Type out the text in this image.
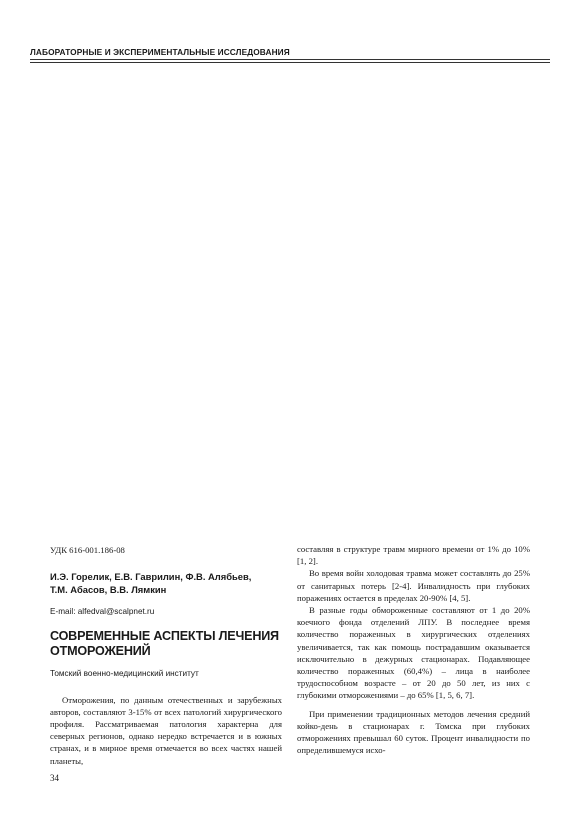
ЛАБОРАТОРНЫЕ И ЭКСПЕРИМЕНТАЛЬНЫЕ ИССЛЕДОВАНИЯ
УДК 616-001.186-08
И.Э. Горелик, Е.В. Гаврилин, Ф.В. Алябьев,
Т.М. Абасов, В.В. Лямкин
E-mail: alfedval@scalpnet.ru
СОВРЕМЕННЫЕ АСПЕКТЫ ЛЕЧЕНИЯ
ОТМОРОЖЕНИЙ
Томский военно-медицинский институт

Отморожения, по данным отечественных и зарубежных авторов, составляют 3-15% от всех патологий хирургического профиля. Рассматриваемая патология характерна для северных регионов, однако нередко встречается и в южных странах, и в мирное время отмечается во всех частях нашей планеты,

составляя в структуре травм мирного времени от 1% до 10% [1, 2].

Во время войн холодовая травма может составлять до 25% от санитарных потерь [2-4]. Инвалидность при глубоких поражениях остается в пределах 20-90% [4, 5].

В разные годы обмороженные составляют от 1 до 20% коечного фонда отделений ЛПУ. В последнее время количество пораженных в хирургических отделениях увеличивается, так как помощь пострадавшим оказывается исключительно в дежурных стационарах. Подавляющее количество пораженных (60,4%) – лица в наиболее трудоспособном возрасте – от 20 до 50 лет, из них с глубокими отморожениями – до 65% [1, 5, 6, 7].

При применении традиционных методов лечения средний койко-день в стационарах г. Томска при глубоких отморожениях превышал 60 суток. Процент инвалидности по определившемуся исхо-

34
